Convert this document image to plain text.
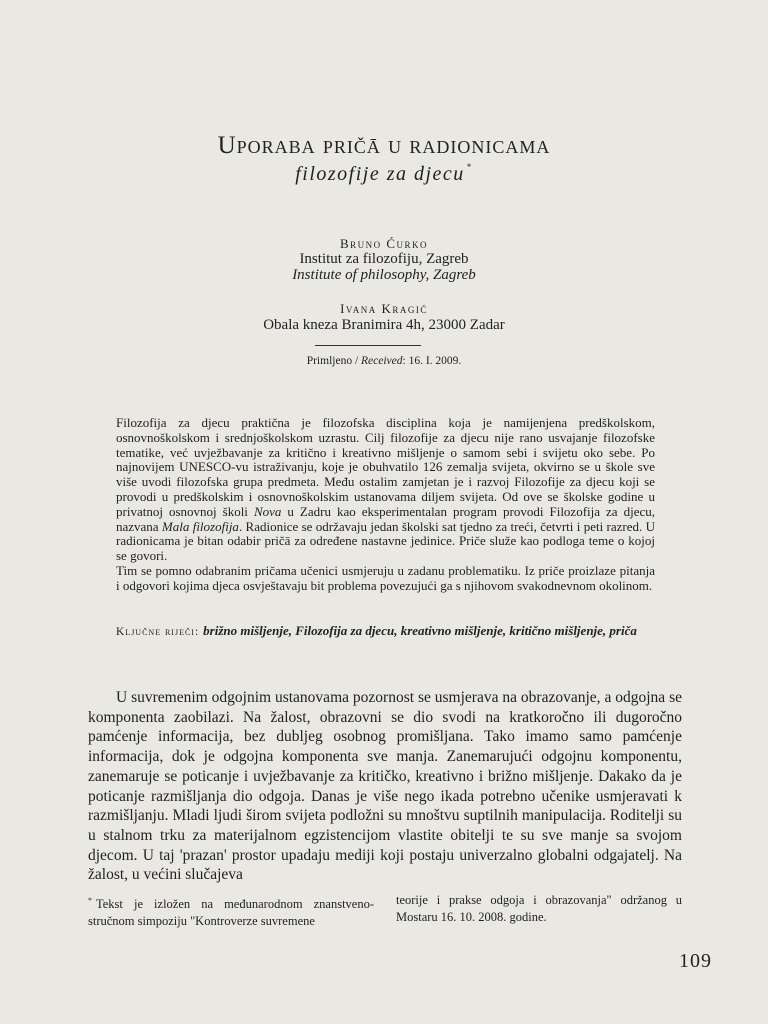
Uporaba pričā u radionicama
filozofije za djecu *
Bruno Ćurko
Institut za filozofiju, Zagreb
Institute of philosophy, Zagreb
Ivana Kragić
Obala kneza Branimira 4h, 23000 Zadar
Primljeno / Received: 16. I. 2009.

Filozofija za djecu praktična je filozofska disciplina koja je namijenjena predškolskom, osnovnoškolskom i srednjoškolskom uzrastu. Cilj filozofije za djecu nije rano usvajanje filozofske tematike, već uvježbavanje za kritično i kreativno mišljenje o samom sebi i svijetu oko sebe. Po najnovijem UNESCO-vu istraživanju, koje je obuhvatilo 126 zemalja svijeta, okvirno se u škole sve više uvodi filozofska grupa predmeta. Među ostalim zamjetan je i razvoj Filozofije za djecu koji se provodi u predškolskim i osnovnoškolskim ustanovama diljem svijeta. Od ove se školske godine u privatnoj osnovnoj školi Nova u Zadru kao eksperimentalan program provodi Filozofija za djecu, nazvana Mala filozofija. Radionice se održavaju jedan školski sat tjedno za treći, četvrti i peti razred. U radionicama je bitan odabir pričā za određene nastavne jedinice. Priče služe kao podloga teme o kojoj se govori.

Tim se pomno odabranim pričama učenici usmjeruju u zadanu problematiku. Iz priče proizlaze pitanja i odgovori kojima djeca osvještavaju bit problema povezujući ga s njihovom svakodnevnom okolinom.

Ključne riječi: brižno mišljenje, Filozofija za djecu, kreativno mišljenje, kritično mišljenje, priča

U suvremenim odgojnim ustanovama pozornost se usmjerava na obrazovanje, a odgojna se komponenta zaobilazi. Na žalost, obrazovni se dio svodi na kratkoročno ili dugoročno pamćenje informacija, bez dubljeg osobnog promišljana. Tako imamo samo pamćenje informacija, dok je odgojna komponenta sve manja. Zanemarujući odgojnu komponentu, zanemaruje se poticanje i uvježbavanje za kritičko, kreativno i brižno mišljenje. Dakako da je poticanje razmišljanja dio odgoja. Danas je više nego ikada potrebno učenike usmjeravati k razmišljanju. Mladi ljudi širom svijeta podložni su mnoštvu suptilnih manipulacija. Roditelji su u stalnom trku za materijalnom egzistencijom vlastite obitelji te su sve manje sa svojom djecom. U taj 'prazan' prostor upadaju mediji koji postaju univerzalno globalni odgajatelj. Na žalost, u većini slučajeva

* Tekst je izložen na međunarodnom znanstveno-stručnom simpoziju "Kontroverze suvremene
teorije i prakse odgoja i obrazovanja" održanog u Mostaru 16. 10. 2008. godine.
109
